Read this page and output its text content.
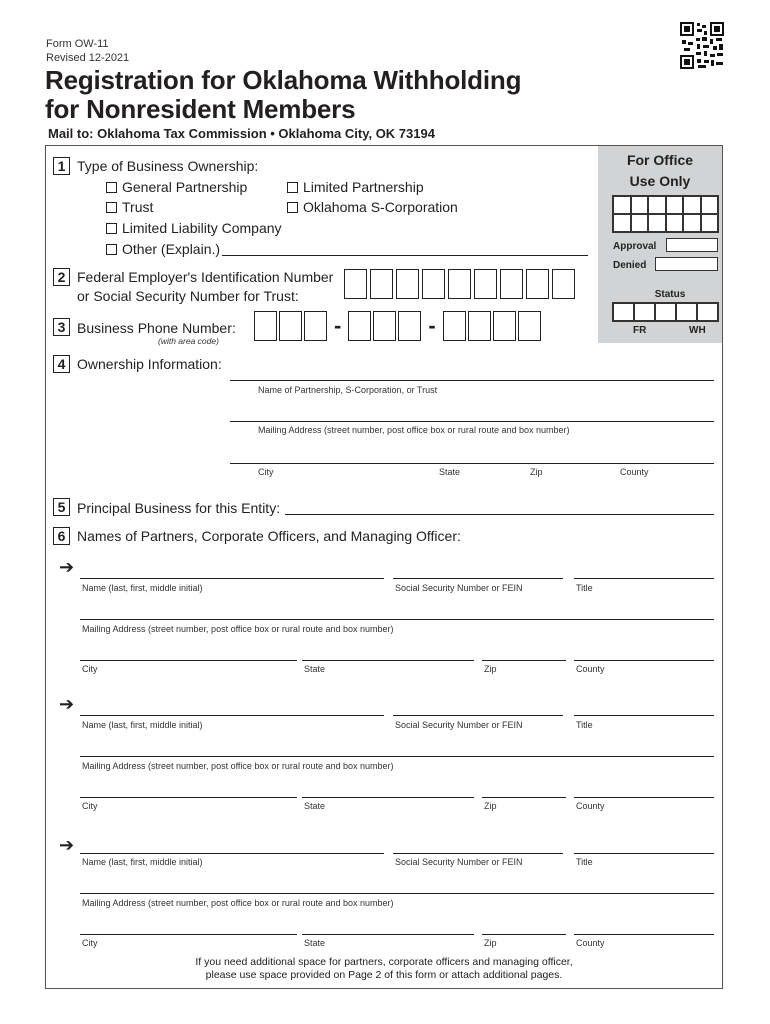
Form OW-11
Revised 12-2021
Registration for Oklahoma Withholding
for Nonresident Members
Mail to: Oklahoma Tax Commission • Oklahoma City, OK 73194
For Office
Use Only
Approval
Denied
Status
FR	WH
1 Type of Business Ownership:
General Partnership	Limited Partnership
Trust	Oklahoma S-Corporation
Limited Liability Company
Other (Explain.)
2 Federal Employer's Identification Number
or Social Security Number for Trust:
3 Business Phone Number:
(with area code)
-	-
4 Ownership Information:
Name of Partnership, S-Corporation, or Trust
Mailing Address (street number, post office box or rural route and box number)
City	State	Zip	County
5 Principal Business for this Entity:
6 Names of Partners, Corporate Officers, and Managing Officer:
➔
Name (last, first, middle initial)	Social Security Number or FEIN	Title
Mailing Address (street number, post office box or rural route and box number)
City	State	Zip	County
➔
Name (last, first, middle initial)	Social Security Number or FEIN	Title
Mailing Address (street number, post office box or rural route and box number)
City	State	Zip	County
➔
Name (last, first, middle initial)	Social Security Number or FEIN	Title
Mailing Address (street number, post office box or rural route and box number)
City	State	Zip	County
If you need additional space for partners, corporate officers and managing officer,
please use space provided on Page 2 of this form or attach additional pages.
